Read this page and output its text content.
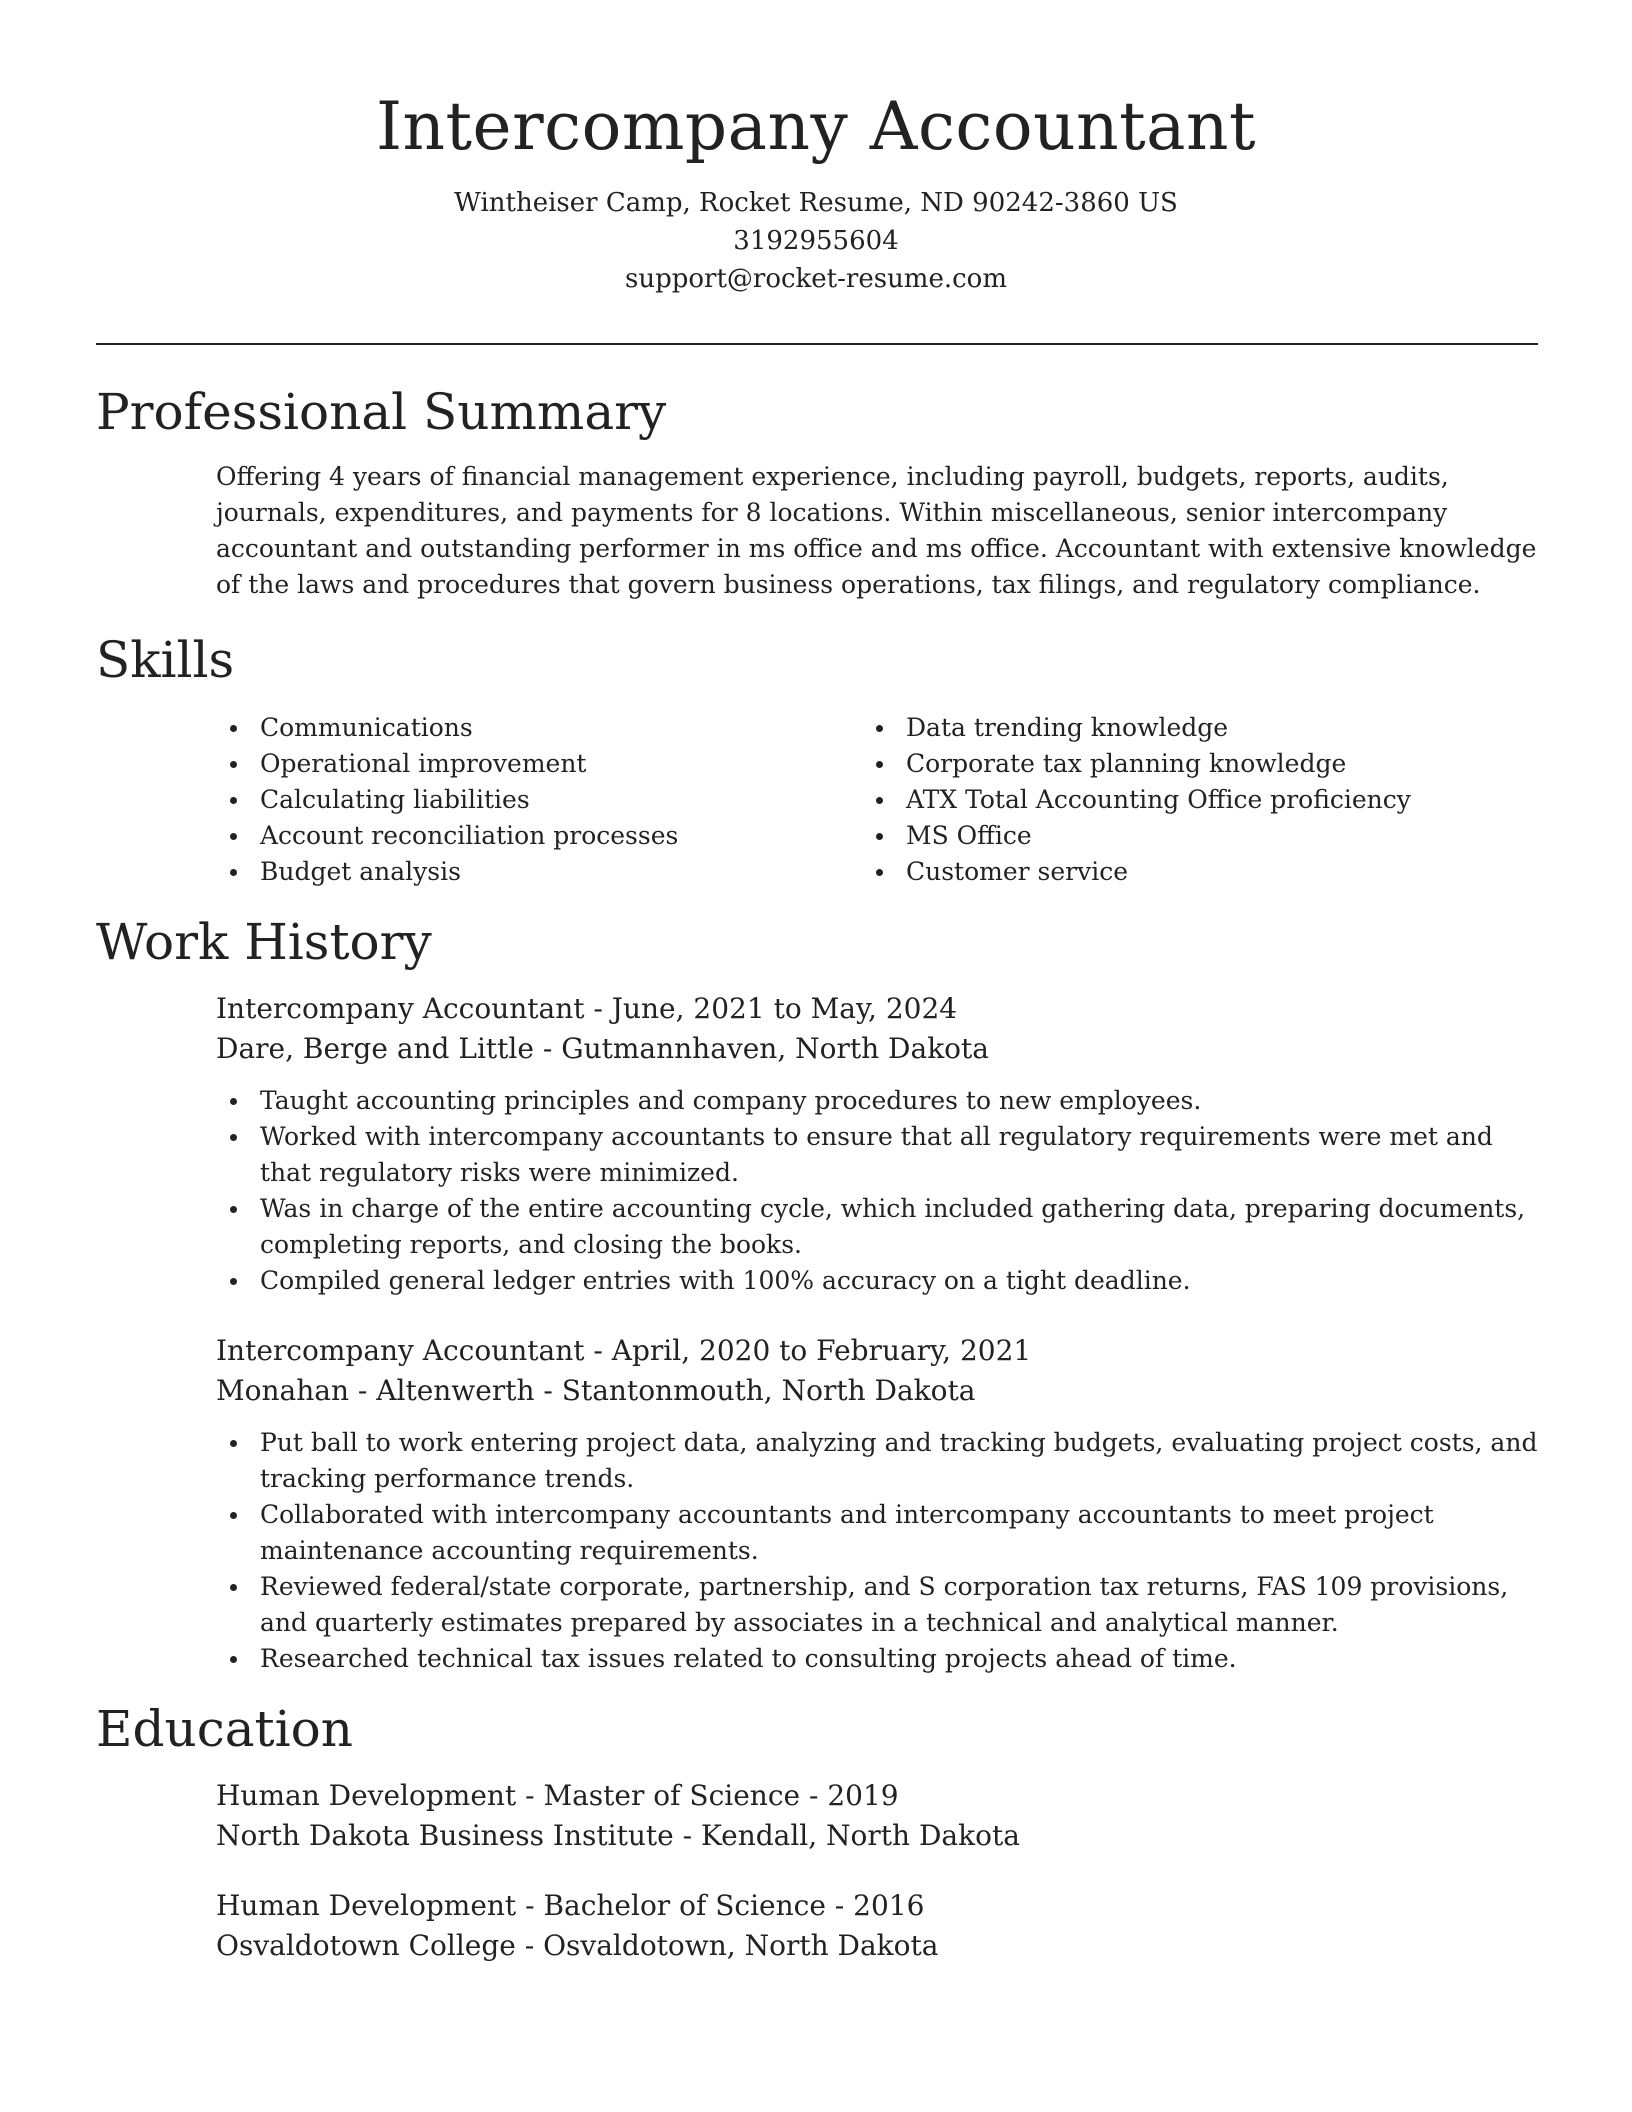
Intercompany Accountant
Wintheiser Camp, Rocket Resume, ND 90242-3860 US
3192955604
support@rocket-resume.com
Professional Summary
Offering 4 years of financial management experience, including payroll, budgets, reports, audits, journals, expenditures, and payments for 8 locations. Within miscellaneous, senior intercompany accountant and outstanding performer in ms office and ms office. Accountant with extensive knowledge of the laws and procedures that govern business operations, tax filings, and regulatory compliance.
Skills
Communications
Operational improvement
Calculating liabilities
Account reconciliation processes
Budget analysis
Data trending knowledge
Corporate tax planning knowledge
ATX Total Accounting Office proficiency
MS Office
Customer service
Work History
Intercompany Accountant - June, 2021 to May, 2024
Dare, Berge and Little - Gutmannhaven, North Dakota
Taught accounting principles and company procedures to new employees.
Worked with intercompany accountants to ensure that all regulatory requirements were met and that regulatory risks were minimized.
Was in charge of the entire accounting cycle, which included gathering data, preparing documents, completing reports, and closing the books.
Compiled general ledger entries with 100% accuracy on a tight deadline.
Intercompany Accountant - April, 2020 to February, 2021
Monahan - Altenwerth - Stantonmouth, North Dakota
Put ball to work entering project data, analyzing and tracking budgets, evaluating project costs, and tracking performance trends.
Collaborated with intercompany accountants and intercompany accountants to meet project maintenance accounting requirements.
Reviewed federal/state corporate, partnership, and S corporation tax returns, FAS 109 provisions, and quarterly estimates prepared by associates in a technical and analytical manner.
Researched technical tax issues related to consulting projects ahead of time.
Education
Human Development - Master of Science - 2019
North Dakota Business Institute - Kendall, North Dakota
Human Development - Bachelor of Science - 2016
Osvaldotown College - Osvaldotown, North Dakota
